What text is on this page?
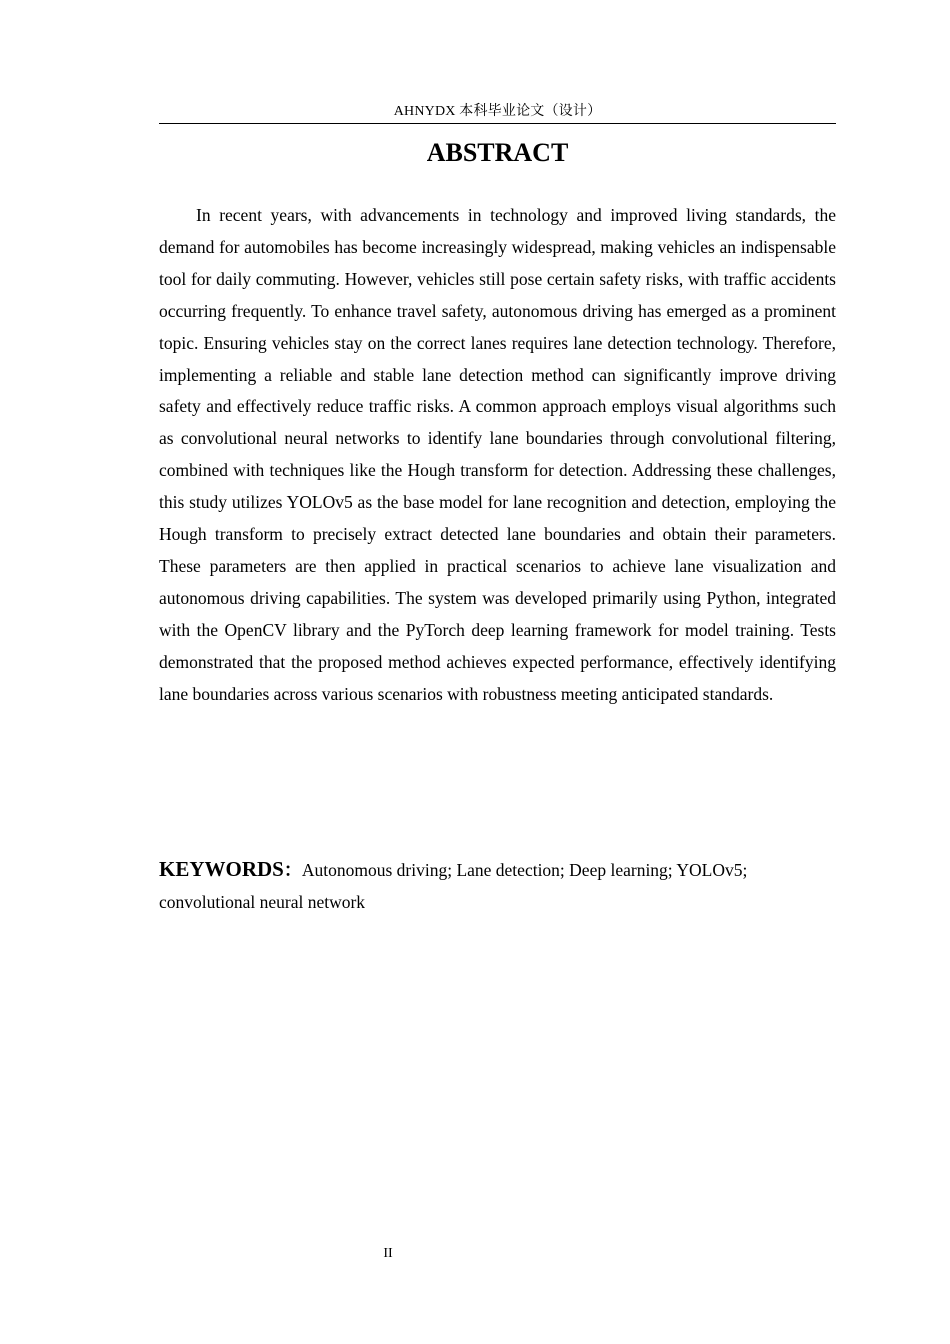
AHNYDX 本科毕业论文（设计）
ABSTRACT

In recent years, with advancements in technology and improved living standards, the demand for automobiles has become increasingly widespread, making vehicles an indispensable tool for daily commuting. However, vehicles still pose certain safety risks, with traffic accidents occurring frequently. To enhance travel safety, autonomous driving has emerged as a prominent topic. Ensuring vehicles stay on the correct lanes requires lane detection technology. Therefore, implementing a reliable and stable lane detection method can significantly improve driving safety and effectively reduce traffic risks. A common approach employs visual algorithms such as convolutional neural networks to identify lane boundaries through convolutional filtering, combined with techniques like the Hough transform for detection. Addressing these challenges, this study utilizes YOLOv5 as the base model for lane recognition and detection, employing the Hough transform to precisely extract detected lane boundaries and obtain their parameters. These parameters are then applied in practical scenarios to achieve lane visualization and autonomous driving capabilities. The system was developed primarily using Python, integrated with the OpenCV library and the PyTorch deep learning framework for model training. Tests demonstrated that the proposed method achieves expected performance, effectively identifying lane boundaries across various scenarios with robustness meeting anticipated standards.

KEYWORDS：Autonomous driving; Lane detection; Deep learning; YOLOv5; convolutional neural network

II
